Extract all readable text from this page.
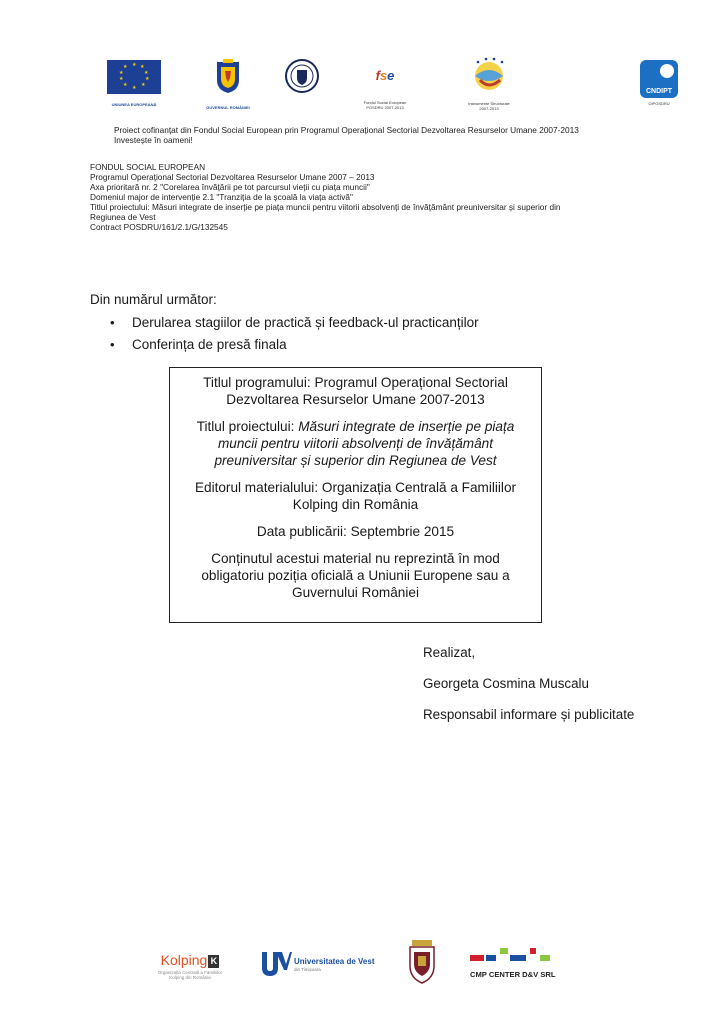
★ ★
★
★
★
★
★
★
★
★
UNIUNEA EUROPEANĂ
GUVERNUL ROMÂNIEI
fse
Fondul Social European
POSDRU 2007-2013
Instrumente Structurale
2007-2013
CNDIPT
OIPOSDRU
Proiect cofinanțat din Fondul Social European prin Programul Operațional Sectorial Dezvoltarea Resurselor Umane 2007-2013
Investește în oameni!
FONDUL SOCIAL EUROPEAN
Programul Operațional Sectorial Dezvoltarea Resurselor Umane 2007 – 2013
Axa prioritară nr. 2 "Corelarea învățării pe tot parcursul vieții cu piața muncii"
Domeniul major de intervenție 2.1 "Tranziția de la școală la viața activă"
Titlul proiectului: Măsuri integrate de inserție pe piața muncii pentru viitorii absolvenți de învățământ preuniversitar și superior din
Regiunea de Vest
Contract POSDRU/161/2.1/G/132545
Din numărul următor:
• Derularea stagiilor de practică și feedback-ul practicanților
• Conferința de presă finala

Titlul programului: Programul Operațional Sectorial Dezvoltarea Resurselor Umane 2007-2013

Titlul proiectului: Măsuri integrate de inserție pe piața muncii pentru viitorii absolvenți de învățământ preuniversitar și superior din Regiunea de Vest

Editorul materialului: Organizația Centrală a Familiilor Kolping din România

Data publicării: Septembrie 2015

Conținutul acestui material nu reprezintă în mod obligatoriu poziția oficială a Uniunii Europene sau a Guvernului României

Realizat,
Georgeta Cosmina Muscalu
Responsabil informare și publicitate
Kolping K
Organizația Centrală a Familiilor
Kolping din România
Universitatea de Vest
din Timișoara
CMP CENTER D&V SRL
